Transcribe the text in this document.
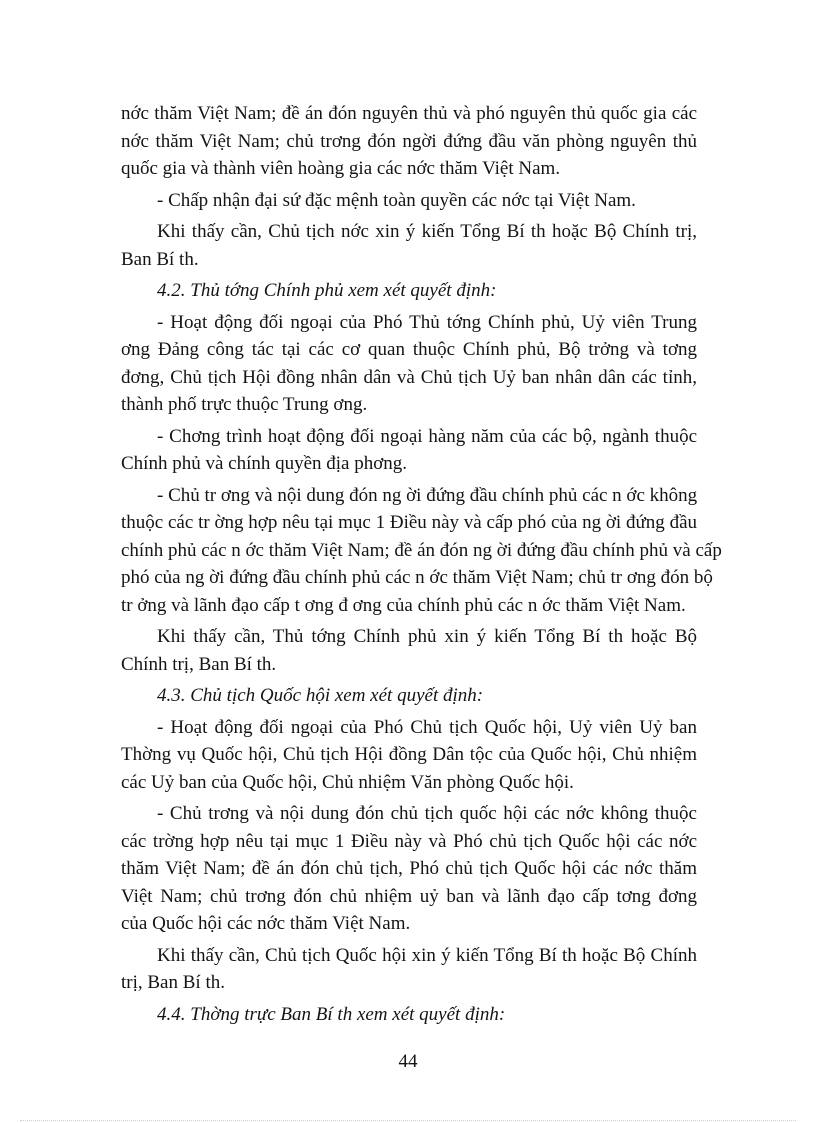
nớc thăm Việt Nam; đề án đón nguyên thủ và phó nguyên thủ quốc gia các
nớc thăm Việt Nam; chủ trơng đón ngời đứng đầu văn phòng nguyên thủ
quốc gia và thành viên hoàng gia các nớc thăm Việt Nam.
- Chấp nhận đại sứ đặc mệnh toàn quyền các nớc tại Việt Nam.
Khi thấy cần, Chủ tịch nớc xin ý kiến Tổng Bí th hoặc Bộ Chính trị,
Ban Bí th.
4.2. Thủ tớng Chính phủ xem xét quyết định:
- Hoạt động đối ngoại của Phó Thủ tớng Chính phủ, Uỷ viên Trung
ơng Đảng công tác tại các cơ quan thuộc Chính phủ, Bộ trởng và tơng
đơng, Chủ tịch Hội đồng nhân dân và Chủ tịch Uỷ ban nhân dân các tỉnh,
thành phố trực thuộc Trung ơng.
- Chơng trình hoạt động đối ngoại hàng năm của các bộ, ngành thuộc
Chính phủ và chính quyền địa phơng.
- Chủ tr ơng và nội dung đón ng ời đứng đầu chính phủ các n ớc không
thuộc các tr ờng hợp nêu tại mục 1 Điều này và cấp phó của ng ời đứng đầu
chính phủ các n ớc thăm Việt Nam; đề án đón ng ời đứng đầu chính phủ và cấp
phó của ng ời đứng đầu chính phủ các n ớc thăm Việt Nam; chủ tr ơng đón bộ
tr ởng và lãnh đạo cấp t ơng đ ơng của chính phủ các n ớc thăm Việt Nam.
Khi thấy cần, Thủ tớng Chính phủ xin ý kiến Tổng Bí th hoặc Bộ
Chính trị, Ban Bí th.
4.3. Chủ tịch Quốc hội xem xét quyết định:
- Hoạt động đối ngoại của Phó Chủ tịch Quốc hội, Uỷ viên Uỷ ban
Thờng vụ Quốc hội, Chủ tịch Hội đồng Dân tộc của Quốc hội, Chủ nhiệm
các Uỷ ban của Quốc hội, Chủ nhiệm Văn phòng Quốc hội.
- Chủ trơng và nội dung đón chủ tịch quốc hội các nớc không thuộc
các trờng hợp nêu tại mục 1 Điều này và Phó chủ tịch Quốc hội các nớc
thăm Việt Nam; đề án đón chủ tịch, Phó chủ tịch Quốc hội các nớc thăm
Việt Nam; chủ trơng đón chủ nhiệm uỷ ban và lãnh đạo cấp tơng đơng
của Quốc hội các nớc thăm Việt Nam.
Khi thấy cần, Chủ tịch Quốc hội xin ý kiến Tổng Bí th hoặc Bộ Chính
trị, Ban Bí th.
4.4. Thờng trực Ban Bí th xem xét quyết định:
44
